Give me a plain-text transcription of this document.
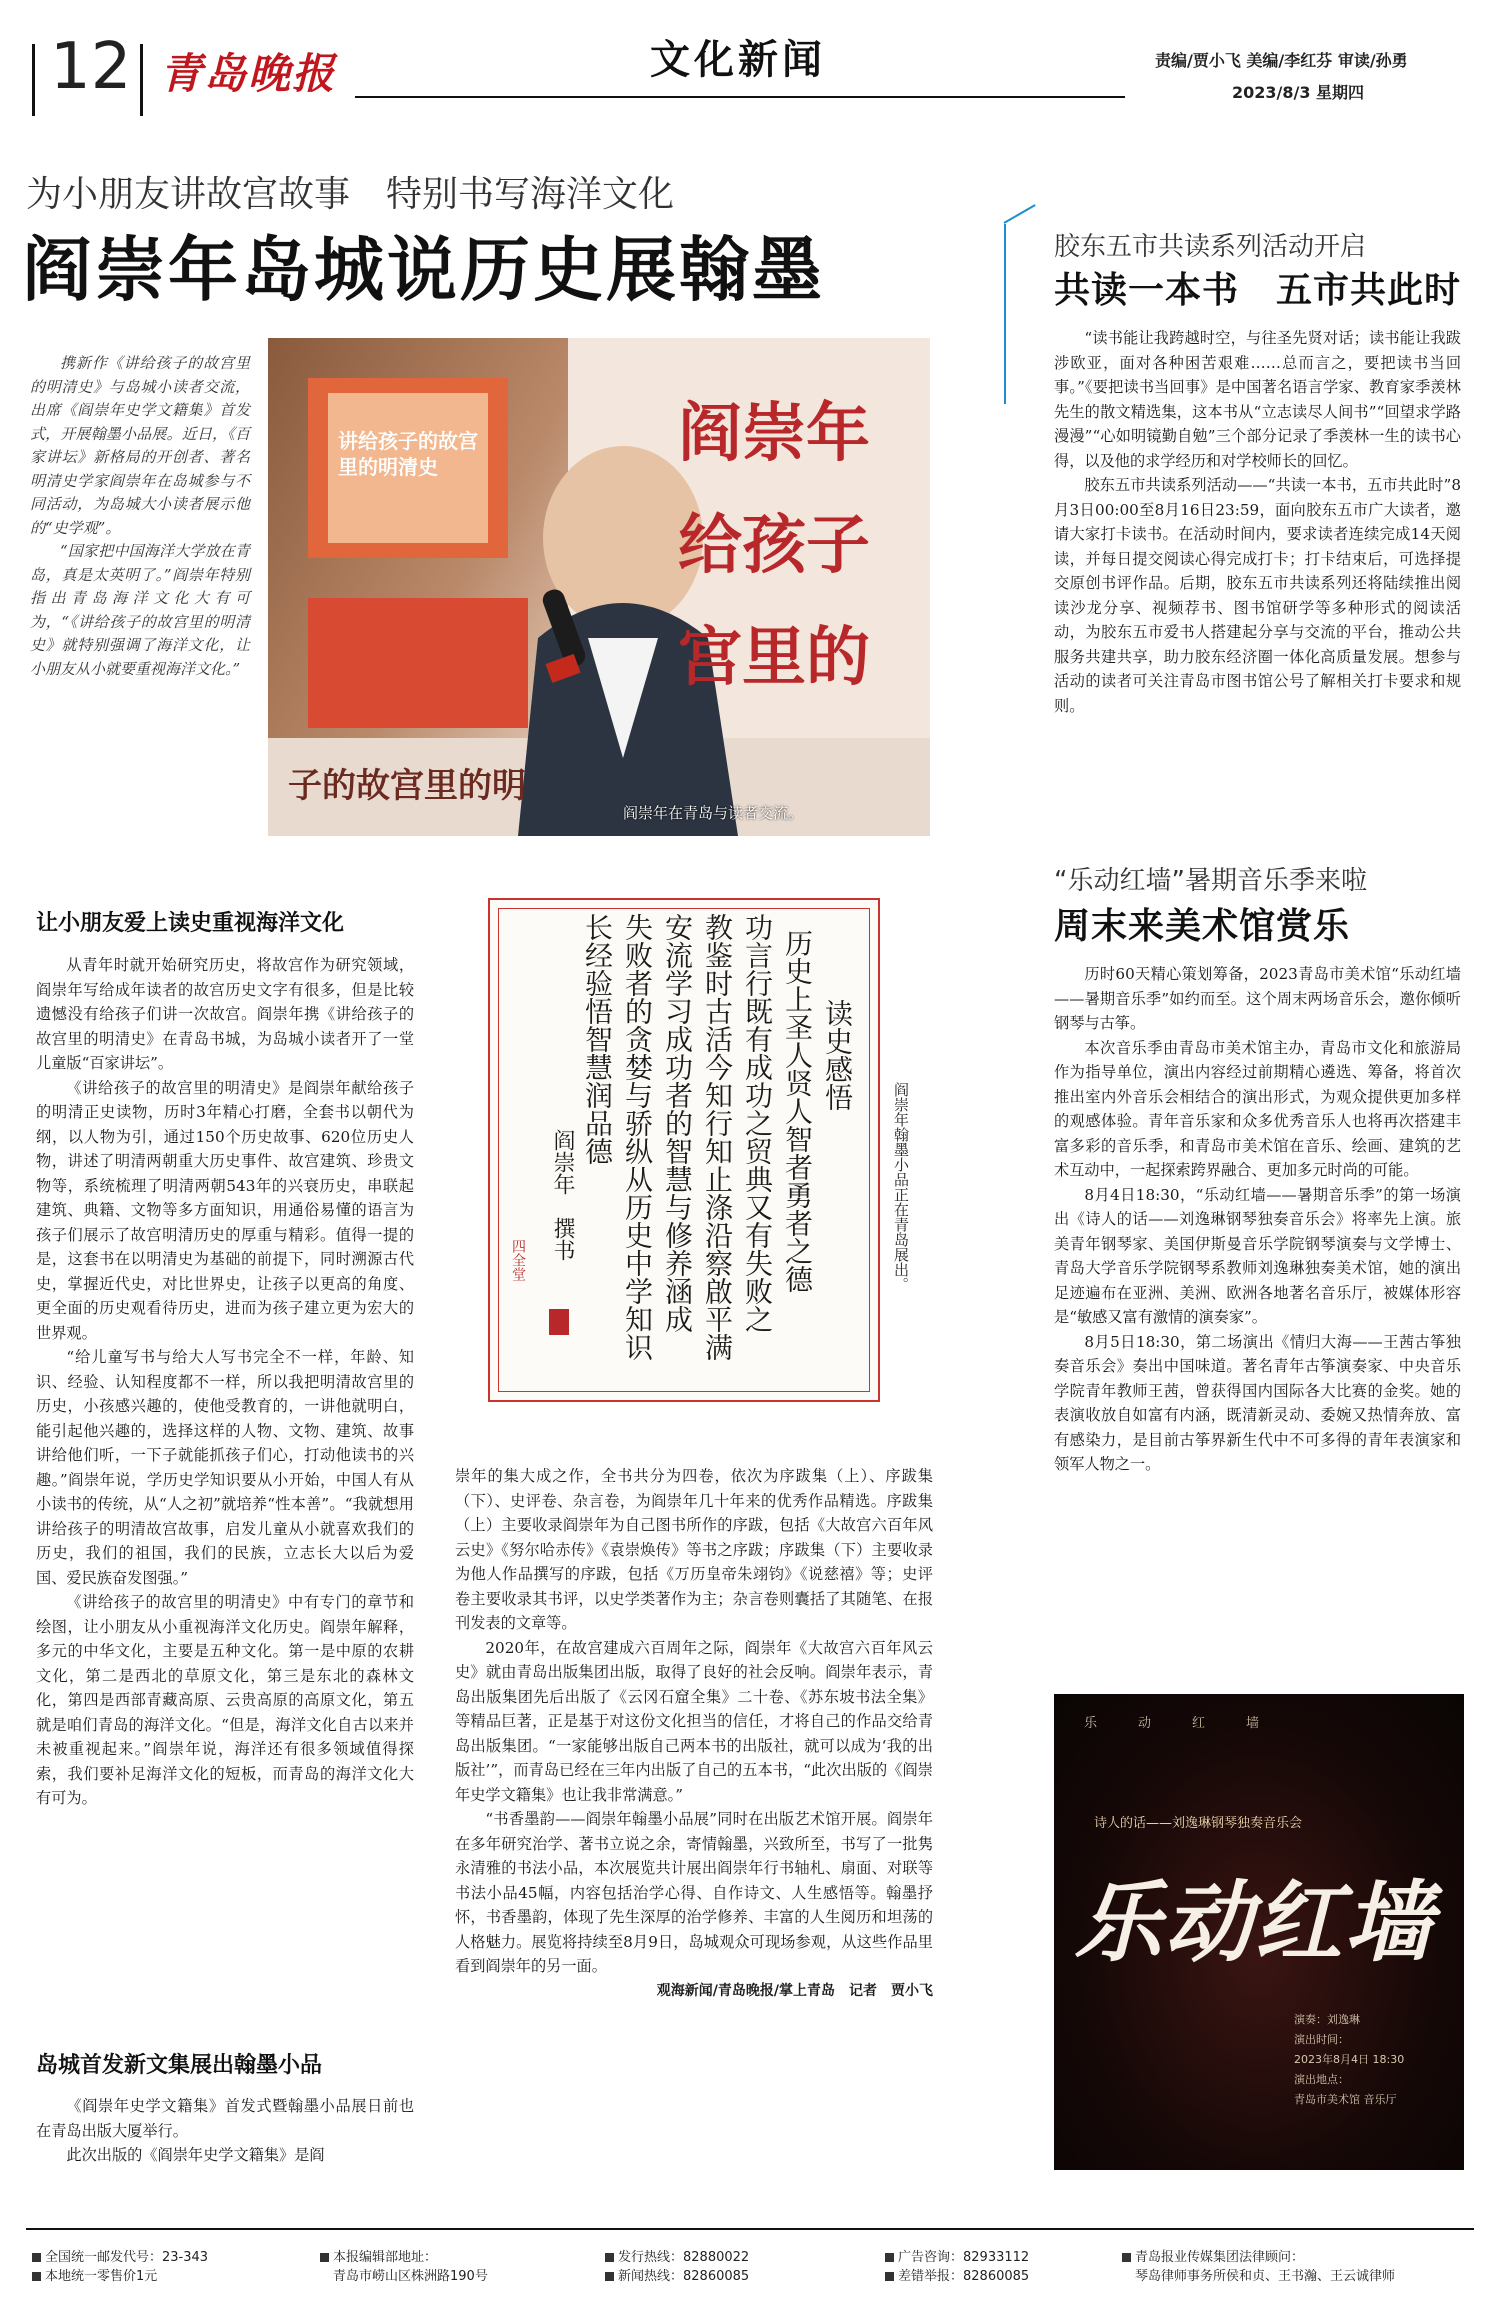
12 青岛晚报	文化新闻	责编/贾小飞 美编/李红芬 审读/孙勇
2023/8/3 星期四
为小朋友讲故宫故事　特别书写海洋文化
阎崇年岛城说历史展翰墨

携新作《讲给孩子的故宫里的明清史》与岛城小读者交流，出席《阎崇年史学文籍集》首发式，开展翰墨小品展。近日，《百家讲坛》新格局的开创者、著名明清史学家阎崇年在岛城参与不同活动，为岛城大小读者展示他的“史学观”。

“国家把中国海洋大学放在青岛，真是太英明了。”阎崇年特别指出青岛海洋文化大有可为，“《讲给孩子的故宫里的明清史》就特别强调了海洋文化，让小朋友从小就要重视海洋文化。”

讲给孩子的故宫里的明清史	阎崇年 给孩子 宫里的
子的故宫里的明
阎崇年在青岛与读者交流。
让小朋友爱上读史重视海洋文化

从青年时就开始研究历史，将故宫作为研究领域，阎崇年写给成年读者的故宫历史文字有很多，但是比较遗憾没有给孩子们讲一次故宫。阎崇年携《讲给孩子的故宫里的明清史》在青岛书城，为岛城小读者开了一堂儿童版“百家讲坛”。

《讲给孩子的故宫里的明清史》是阎崇年献给孩子的明清正史读物，历时3年精心打磨，全套书以朝代为纲，以人物为引，通过150个历史故事、620位历史人物，讲述了明清两朝重大历史事件、故宫建筑、珍贵文物等，系统梳理了明清两朝543年的兴衰历史，串联起建筑、典籍、文物等多方面知识，用通俗易懂的语言为孩子们展示了故宫明清历史的厚重与精彩。值得一提的是，这套书在以明清史为基础的前提下，同时溯源古代史，掌握近代史，对比世界史，让孩子以更高的角度、更全面的历史观看待历史，进而为孩子建立更为宏大的世界观。

“给儿童写书与给大人写书完全不一样，年龄、知识、经验、认知程度都不一样，所以我把明清故宫里的历史，小孩感兴趣的，使他受教育的，一讲他就明白，能引起他兴趣的，选择这样的人物、文物、建筑、故事讲给他们听，一下子就能抓孩子们心，打动他读书的兴趣。”阎崇年说，学历史学知识要从小开始，中国人有从小读书的传统，从“人之初”就培养“性本善”。“我就想用讲给孩子的明清故宫故事，启发儿童从小就喜欢我们的历史，我们的祖国，我们的民族，立志长大以后为爱国、爱民族奋发图强。”

《讲给孩子的故宫里的明清史》中有专门的章节和绘图，让小朋友从小重视海洋文化历史。阎崇年解释，多元的中华文化，主要是五种文化。第一是中原的农耕文化，第二是西北的草原文化，第三是东北的森林文化，第四是西部青藏高原、云贵高原的高原文化，第五就是咱们青岛的海洋文化。“但是，海洋文化自古以来并未被重视起来。”阎崇年说，海洋还有很多领域值得探索，我们要补足海洋文化的短板，而青岛的海洋文化大有可为。

岛城首发新文集展出翰墨小品

《阎崇年史学文籍集》首发式暨翰墨小品展日前也在青岛出版大厦举行。

此次出版的《阎崇年史学文籍集》是阎

读史感悟
历史上圣人贤人智者勇者之德
功言行既有成功之贸典又有失败之
教鉴时古活今知行知止涤沿察啟平满
安流学习成功者的智慧与修养涵成
失败者的贪婪与骄纵从历史中学知识
长经验悟智慧润品德
阎崇年　撰书
四全堂	阎崇年翰墨小品正在青岛展出。

崇年的集大成之作，全书共分为四卷，依次为序跋集（上）、序跋集（下）、史评卷、杂言卷，为阎崇年几十年来的优秀作品精选。序跋集（上）主要收录阎崇年为自己图书所作的序跋，包括《大故宫六百年风云史》《努尔哈赤传》《袁崇焕传》等书之序跋；序跋集（下）主要收录为他人作品撰写的序跋，包括《万历皇帝朱翊钧》《说慈禧》等；史评卷主要收录其书评，以史学类著作为主；杂言卷则囊括了其随笔、在报刊发表的文章等。

2020年，在故宫建成六百周年之际，阎崇年《大故宫六百年风云史》就由青岛出版集团出版，取得了良好的社会反响。阎崇年表示，青岛出版集团先后出版了《云冈石窟全集》二十卷、《苏东坡书法全集》等精品巨著，正是基于对这份文化担当的信任，才将自己的作品交给青岛出版集团。“一家能够出版自己两本书的出版社，就可以成为‘我的出版社’”，而青岛已经在三年内出版了自己的五本书，“此次出版的《阎崇年史学文籍集》也让我非常满意。”

“书香墨韵——阎崇年翰墨小品展”同时在出版艺术馆开展。阎崇年在多年研究治学、著书立说之余，寄情翰墨，兴致所至，书写了一批隽永清雅的书法小品，本次展览共计展出阎崇年行书轴札、扇面、对联等书法小品45幅，内容包括治学心得、自作诗文、人生感悟等。翰墨抒怀，书香墨韵，体现了先生深厚的治学修养、丰富的人生阅历和坦荡的人格魅力。展览将持续至8月9日，岛城观众可现场参观，从这些作品里看到阎崇年的另一面。

观海新闻/青岛晚报/掌上青岛　记者　贾小飞

胶东五市共读系列活动开启
共读一本书　五市共此时

“读书能让我跨越时空，与往圣先贤对话；读书能让我跋涉欧亚，面对各种困苦艰难……总而言之，要把读书当回事。”《要把读书当回事》是中国著名语言学家、教育家季羡林先生的散文精选集，这本书从“立志读尽人间书”“回望求学路漫漫”“心如明镜勤自勉”三个部分记录了季羡林一生的读书心得，以及他的求学经历和对学校师长的回忆。

胶东五市共读系列活动——“共读一本书，五市共此时”8月3日00:00至8月16日23:59，面向胶东五市广大读者，邀请大家打卡读书。在活动时间内，要求读者连续完成14天阅读，并每日提交阅读心得完成打卡；打卡结束后，可选择提交原创书评作品。后期，胶东五市共读系列还将陆续推出阅读沙龙分享、视频荐书、图书馆研学等多种形式的阅读活动，为胶东五市爱书人搭建起分享与交流的平台，推动公共服务共建共享，助力胶东经济圈一体化高质量发展。想参与活动的读者可关注青岛市图书馆公号了解相关打卡要求和规则。

“乐动红墙”暑期音乐季来啦
周末来美术馆赏乐

历时60天精心策划筹备，2023青岛市美术馆“乐动红墙——暑期音乐季”如约而至。这个周末两场音乐会，邀你倾听钢琴与古筝。

本次音乐季由青岛市美术馆主办，青岛市文化和旅游局作为指导单位，演出内容经过前期精心遴选、筹备，将首次推出室内外音乐会相结合的演出形式，为观众提供更加多样的观感体验。青年音乐家和众多优秀音乐人也将再次搭建丰富多彩的音乐季，和青岛市美术馆在音乐、绘画、建筑的艺术互动中，一起探索跨界融合、更加多元时尚的可能。

8月4日18:30，“乐动红墙——暑期音乐季”的第一场演出《诗人的话——刘逸琳钢琴独奏音乐会》将率先上演。旅美青年钢琴家、美国伊斯曼音乐学院钢琴演奏与文学博士、青岛大学音乐学院钢琴系教师刘逸琳独奏美术馆，她的演出足迹遍布在亚洲、美洲、欧洲各地著名音乐厅，被媒体形容是“敏感又富有激情的演奏家”。

8月5日18:30，第二场演出《情归大海——王茜古筝独奏音乐会》奏出中国味道。著名青年古筝演奏家、中央音乐学院青年教师王茜，曾获得国内国际各大比赛的金奖。她的表演收放自如富有内涵，既清新灵动、委婉又热情奔放、富有感染力，是目前古筝界新生代中不可多得的青年表演家和领军人物之一。

乐　动　红　墙
诗人的话——刘逸琳钢琴独奏音乐会
乐动红墙
演奏：刘逸琳
演出时间：
2023年8月4日 18:30
演出地点：
青岛市美术馆 音乐厅
全国统一邮发代号：23-343
本地统一零售价1元
本报编辑部地址：
青岛市崂山区株洲路190号
发行热线：82880022
新闻热线：82860085
广告咨询：82933112
差错举报：82860085
青岛报业传媒集团法律顾问：
琴岛律师事务所侯和贞、王书瀚、王云诚律师
